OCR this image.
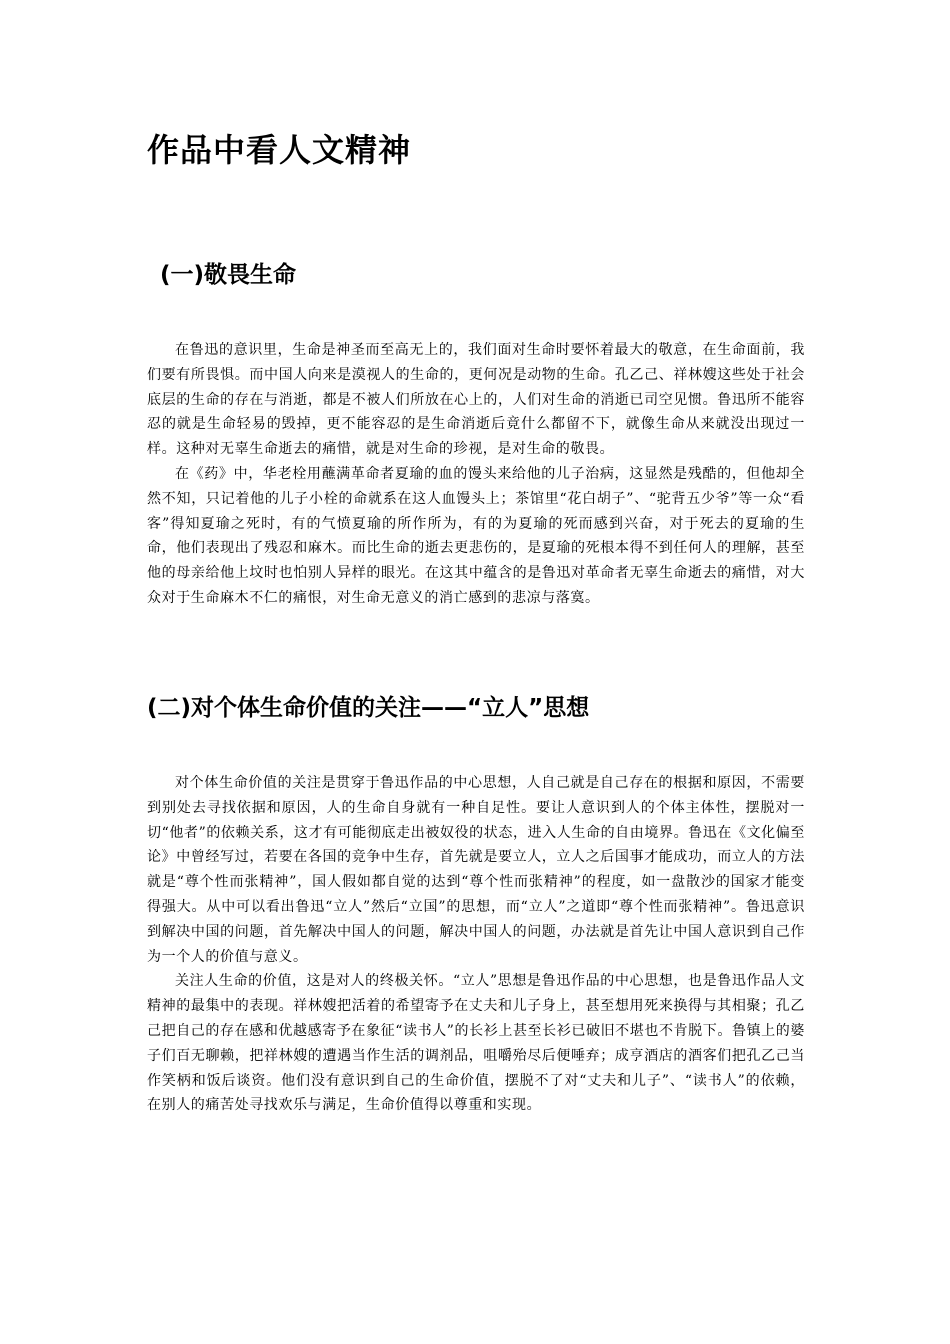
作品中看人文精神
(一)敬畏生命

在鲁迅的意识里，生命是神圣而至高无上的，我们面对生命时要怀着最大的敬意，在生命面前，我们要有所畏惧。而中国人向来是漠视人的生命的，更何况是动物的生命。孔乙己、祥林嫂这些处于社会底层的生命的存在与消逝，都是不被人们所放在心上的，人们对生命的消逝已司空见惯。鲁迅所不能容忍的就是生命轻易的毁掉，更不能容忍的是生命消逝后竟什么都留不下，就像生命从来就没出现过一样。这种对无辜生命逝去的痛惜，就是对生命的珍视，是对生命的敬畏。

在《药》中，华老栓用蘸满革命者夏瑜的血的馒头来给他的儿子治病，这显然是残酷的，但他却全然不知，只记着他的儿子小栓的命就系在这人血馒头上；茶馆里“花白胡子”、“驼背五少爷”等一众“看客”得知夏瑜之死时，有的气愤夏瑜的所作所为，有的为夏瑜的死而感到兴奋，对于死去的夏瑜的生命，他们表现出了残忍和麻木。而比生命的逝去更悲伤的，是夏瑜的死根本得不到任何人的理解，甚至他的母亲给他上坟时也怕别人异样的眼光。在这其中蕴含的是鲁迅对革命者无辜生命逝去的痛惜，对大众对于生命麻木不仁的痛恨，对生命无意义的消亡感到的悲凉与落寞。

(二)对个体生命价值的关注——“立人”思想

对个体生命价值的关注是贯穿于鲁迅作品的中心思想，人自己就是自己存在的根据和原因，不需要到别处去寻找依据和原因，人的生命自身就有一种自足性。要让人意识到人的个体主体性，摆脱对一切“他者”的依赖关系，这才有可能彻底走出被奴役的状态，进入人生命的自由境界。鲁迅在《文化偏至论》中曾经写过，若要在各国的竞争中生存，首先就是要立人，立人之后国事才能成功，而立人的方法就是“尊个性而张精神”，国人假如都自觉的达到“尊个性而张精神”的程度，如一盘散沙的国家才能变得强大。从中可以看出鲁迅“立人”然后“立国”的思想，而“立人”之道即“尊个性而张精神”。鲁迅意识到解决中国的问题，首先解决中国人的问题，解决中国人的问题，办法就是首先让中国人意识到自己作为一个人的价值与意义。

关注人生命的价值，这是对人的终极关怀。“立人”思想是鲁迅作品的中心思想，也是鲁迅作品人文精神的最集中的表现。祥林嫂把活着的希望寄予在丈夫和儿子身上，甚至想用死来换得与其相聚；孔乙己把自己的存在感和优越感寄予在象征“读书人”的长衫上甚至长衫已破旧不堪也不肯脱下。鲁镇上的婆子们百无聊赖，把祥林嫂的遭遇当作生活的调剂品，咀嚼殆尽后便唾弃；成亨酒店的酒客们把孔乙己当作笑柄和饭后谈资。他们没有意识到自己的生命价值，摆脱不了对“丈夫和儿子”、“读书人”的依赖，在别人的痛苦处寻找欢乐与满足，生命价值得以尊重和实现。
